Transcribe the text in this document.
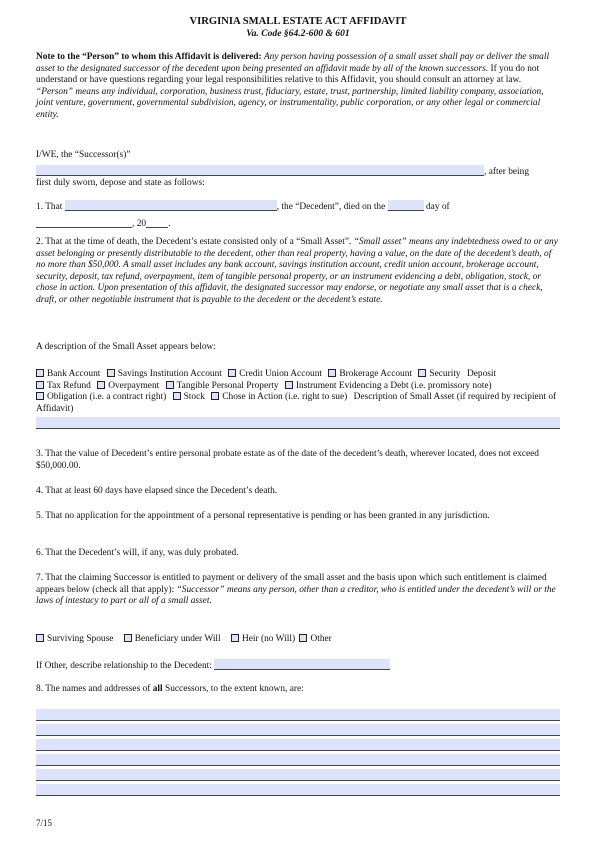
VIRGINIA SMALL ESTATE ACT AFFIDAVIT
Va. Code §64.2-600 & 601

Note to the “Person” to whom this Affidavit is delivered: Any person having possession of a small asset shall pay or deliver the small asset to the designated successor of the decedent upon being presented an affidavit made by all of the known successors. If you do not understand or have questions regarding your legal responsibilities relative to this Affidavit, you should consult an attorney at law. “Person” means any individual, corporation, business trust, fiduciary, estate, trust, partnership, limited liability company, association, joint venture, government, governmental subdivision, agency, or instrumentality, public corporation, or any other legal or commercial entity.

I/WE, the “Successor(s)”
, after being
first duly sworn, depose and state as follows:
1. That	, the “Decedent”, died on the	day of
, 20 .
2. That at the time of death, the Decedent’s estate consisted only of a “Small Asset”. “Small asset” means any indebtedness owed to or any asset belonging or presently distributable to the decedent, other than real property, having a value, on the date of the decedent’s death, of no more than $50,000. A small asset includes any bank account, savings institution account, credit union account, brokerage account, security, deposit, tax refund, overpayment, item of tangible personal property, or an instrument evidencing a debt, obligation, stock, or chose in action. Upon presentation of this affidavit, the designated successor may endorse, or negotiate any small asset that is a check, draft, or other negotiable instrument that is payable to the decedent or the decedent’s estate.
A description of the Small Asset appears below:
Bank Account Savings Institution Account Credit Union Account Brokerage Account Security Deposit Tax Refund Overpayment Tangible Personal Property Instrument Evidencing a Debt (i.e. promissory note) Obligation (i.e. a contract right) Stock Chose in Action (i.e. right to sue) Description of Small Asset (if required by recipient of Affidavit)
3. That the value of Decedent’s entire personal probate estate as of the date of the decedent’s death, wherever located, does not exceed $50,000.00.
4. That at least 60 days have elapsed since the Decedent’s death.
5. That no application for the appointment of a personal representative is pending or has been granted in any jurisdiction.
6. That the Decedent’s will, if any, was duly probated.
7. That the claiming Successor is entitled to payment or delivery of the small asset and the basis upon which such entitlement is claimed appears below (check all that apply): “Successor” means any person, other than a creditor, who is entitled under the decedent’s will or the laws of intestacy to part or all of a small asset.
Surviving Spouse Beneficiary under Will Heir (no Will) Other
If Other, describe relationship to the Decedent:
8. The names and addresses of all Successors, to the extent known, are:
7/15
